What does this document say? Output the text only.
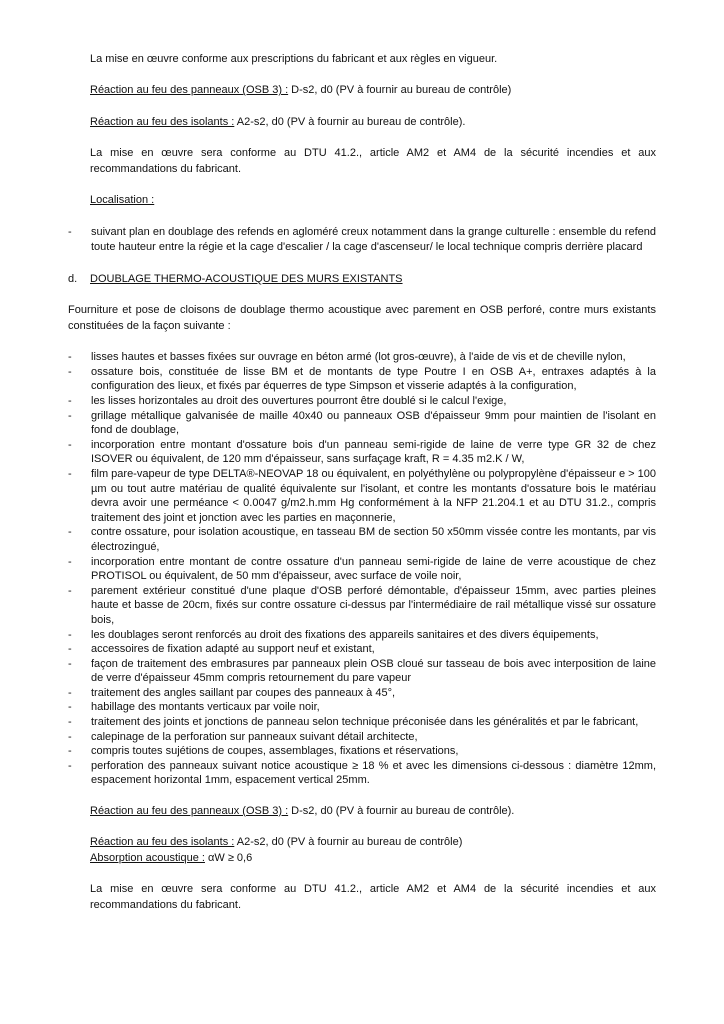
La mise en œuvre conforme aux prescriptions du fabricant et aux règles en vigueur.

Réaction au feu des panneaux (OSB 3) : D-s2, d0 (PV à fournir au bureau de contrôle)

Réaction au feu des isolants : A2-s2, d0 (PV à fournir au bureau de contrôle).

La mise en œuvre sera conforme au DTU 41.2., article AM2 et AM4 de la sécurité incendies et aux recommandations du fabricant.

Localisation :

-	suivant plan en doublage des refends en agloméré creux notamment dans la grange culturelle : ensemble du refend toute hauteur entre la régie et la cage d'escalier / la cage d'ascenseur/ le local technique compris derrière placard
d.	DOUBLAGE THERMO-ACOUSTIQUE DES MURS EXISTANTS

Fourniture et pose de cloisons de doublage thermo acoustique avec parement en OSB perforé, contre murs existants constituées de la façon suivante :

-	lisses hautes et basses fixées sur ouvrage en béton armé (lot gros-œuvre), à l'aide de vis et de cheville nylon,
-	ossature bois, constituée de lisse BM et de montants de type Poutre I en OSB A+, entraxes adaptés à la configuration des lieux, et fixés par équerres de type Simpson et visserie adaptés à la configuration,
-	les lisses horizontales au droit des ouvertures pourront être doublé si le calcul l'exige,
-	grillage métallique galvanisée de maille 40x40 ou panneaux OSB d'épaisseur 9mm pour maintien de l'isolant en fond de doublage,
-	incorporation entre montant d'ossature bois d'un panneau semi-rigide de laine de verre type GR 32 de chez ISOVER ou équivalent, de 120 mm d'épaisseur, sans surfaçage kraft, R = 4.35 m2.K / W,
-	film pare-vapeur de type DELTA®-NEOVAP 18 ou équivalent, en polyéthylène ou polypropylène d'épaisseur e > 100 µm ou tout autre matériau de qualité équivalente sur l'isolant, et contre les montants d'ossature bois le matériau devra avoir une perméance < 0.0047 g/m2.h.mm Hg conformément à la NFP 21.204.1 et au DTU 31.2., compris traitement des joint et jonction avec les parties en maçonnerie,
-	contre ossature, pour isolation acoustique, en tasseau BM de section 50 x50mm vissée contre les montants, par vis électrozingué,
-	incorporation entre montant de contre ossature d'un panneau semi-rigide de laine de verre acoustique de chez PROTISOL ou équivalent, de 50 mm d'épaisseur, avec surface de voile noir,
-	parement extérieur constitué d'une plaque d'OSB perforé démontable, d'épaisseur 15mm, avec parties pleines haute et basse de 20cm, fixés sur contre ossature ci-dessus par l'intermédiaire de rail métallique vissé sur ossature bois,
-	les doublages seront renforcés au droit des fixations des appareils sanitaires et des divers équipements,
-	accessoires de fixation adapté au support neuf et existant,
-	façon de traitement des embrasures par panneaux plein OSB cloué sur tasseau de bois avec interposition de laine de verre d'épaisseur 45mm compris retournement du pare vapeur
-	traitement des angles saillant par coupes des panneaux à 45°,
-	habillage des montants verticaux par voile noir,
-	traitement des joints et jonctions de panneau selon technique préconisée dans les généralités et par le fabricant,
-	calepinage de la perforation sur panneaux suivant détail architecte,
-	compris toutes sujétions de coupes, assemblages, fixations et réservations,
-	perforation des panneaux suivant notice acoustique ≥ 18 % et avec les dimensions ci-dessous : diamètre 12mm, espacement horizontal 1mm, espacement vertical 25mm.

Réaction au feu des panneaux (OSB 3) : D-s2, d0 (PV à fournir au bureau de contrôle).

Réaction au feu des isolants : A2-s2, d0 (PV à fournir au bureau de contrôle)

Absorption acoustique : αW ≥ 0,6

La mise en œuvre sera conforme au DTU 41.2., article AM2 et AM4 de la sécurité incendies et aux recommandations du fabricant.
